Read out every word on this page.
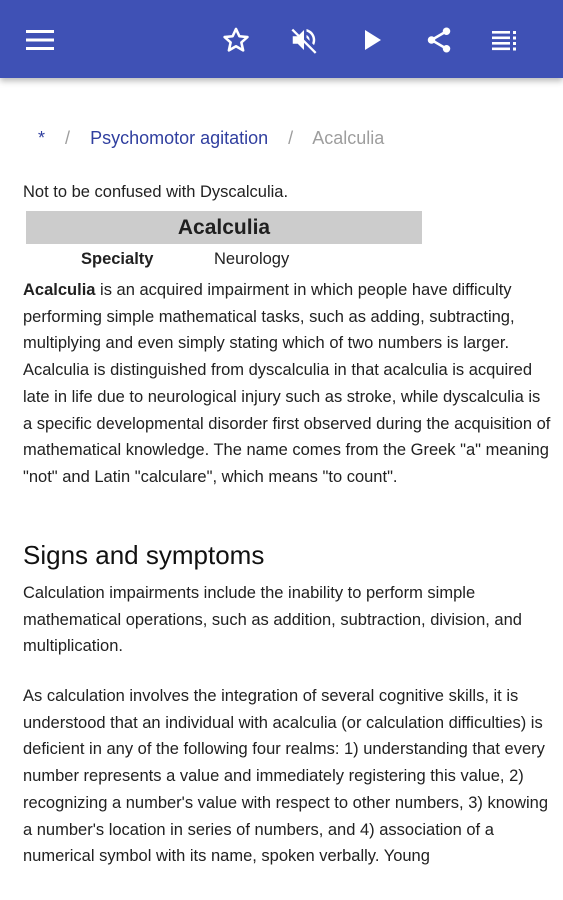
* / Psychomotor agitation / Acalculia
Not to be confused with Dyscalculia.
Acalculia
Specialty	Neurology

Acalculia is an acquired impairment in which people have difficulty performing simple mathematical tasks, such as adding, subtracting, multiplying and even simply stating which of two numbers is larger. Acalculia is distinguished from dyscalculia in that acalculia is acquired late in life due to neurological injury such as stroke, while dyscalculia is a specific developmental disorder first observed during the acquisition of mathematical knowledge. The name comes from the Greek "a" meaning "not" and Latin "calculare", which means "to count".

Signs and symptoms

Calculation impairments include the inability to perform simple mathematical operations, such as addition, subtraction, division, and multiplication.

As calculation involves the integration of several cognitive skills, it is understood that an individual with acalculia (or calculation difficulties) is deficient in any of the following four realms: 1) understanding that every number represents a value and immediately registering this value, 2) recognizing a number's value with respect to other numbers, 3) knowing a number's location in series of numbers, and 4) association of a numerical symbol with its name, spoken verbally. Young
